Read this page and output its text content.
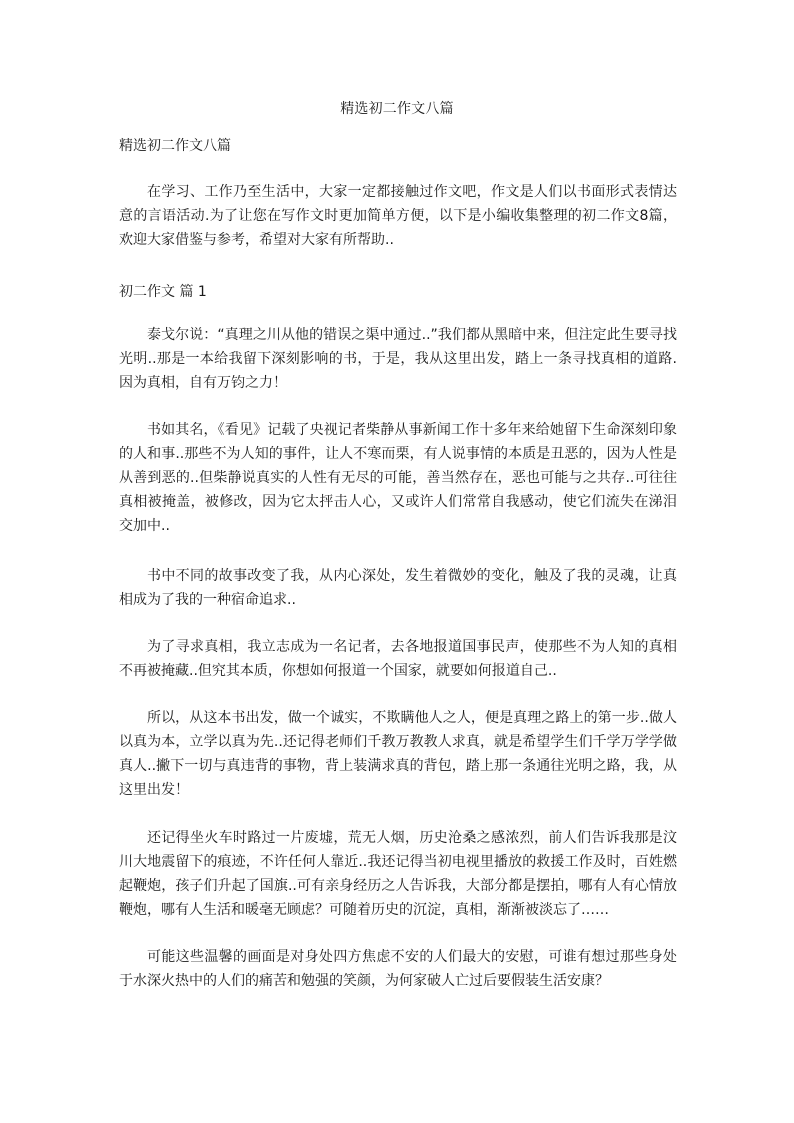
精选初二作文八篇
精选初二作文八篇

在学习、工作乃至生活中，大家一定都接触过作文吧，作文是人们以书面形式表情达意的言语活动.为了让您在写作文时更加简单方便，以下是小编收集整理的初二作文8篇，欢迎大家借鉴与参考，希望对大家有所帮助..

初二作文 篇 1

泰戈尔说：“真理之川从他的错误之渠中通过..”我们都从黑暗中来，但注定此生要寻找光明..那是一本给我留下深刻影响的书，于是，我从这里出发，踏上一条寻找真相的道路.因为真相，自有万钧之力！

书如其名，《看见》记载了央视记者柴静从事新闻工作十多年来给她留下生命深刻印象的人和事..那些不为人知的事件，让人不寒而栗，有人说事情的本质是丑恶的，因为人性是从善到恶的..但柴静说真实的人性有无尽的可能，善当然存在，恶也可能与之共存..可往往真相被掩盖，被修改，因为它太抨击人心，又或许人们常常自我感动，使它们流失在涕泪交加中..

书中不同的故事改变了我，从内心深处，发生着微妙的变化，触及了我的灵魂，让真相成为了我的一种宿命追求..

为了寻求真相，我立志成为一名记者，去各地报道国事民声，使那些不为人知的真相不再被掩藏..但究其本质，你想如何报道一个国家，就要如何报道自己..

所以，从这本书出发，做一个诚实，不欺瞒他人之人，便是真理之路上的第一步..做人以真为本，立学以真为先..还记得老师们千教万教教人求真，就是希望学生们千学万学学做真人..撇下一切与真违背的事物，背上装满求真的背包，踏上那一条通往光明之路，我，从这里出发！

还记得坐火车时路过一片废墟，荒无人烟，历史沧桑之感浓烈，前人们告诉我那是汶川大地震留下的痕迹，不许任何人靠近..我还记得当初电视里播放的救援工作及时，百姓燃起鞭炮，孩子们升起了国旗..可有亲身经历之人告诉我，大部分都是摆拍，哪有人有心情放鞭炮，哪有人生活和暖毫无顾虑？可随着历史的沉淀，真相，渐渐被淡忘了……

可能这些温馨的画面是对身处四方焦虑不安的人们最大的安慰，可谁有想过那些身处于水深火热中的人们的痛苦和勉强的笑颜，为何家破人亡过后要假装生活安康？
